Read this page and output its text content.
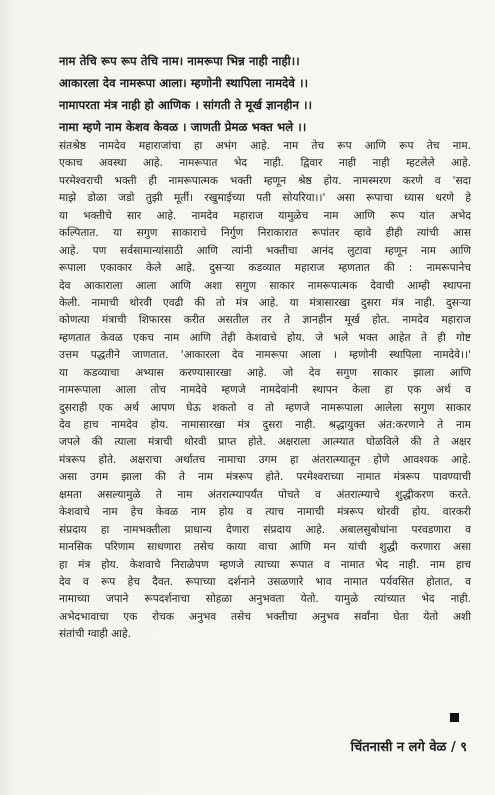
नाम तेचि रूप रूप तेचि नाम। नामरूपा भिन्न नाही नाही।।
आकारला देव नामरूपा आला। म्हणोनी स्थापिला नामदेवे ।।
नामापरता मंत्र नाही हो आणिक । सांगती ते मूर्ख ज्ञानहीन ।।
नामा म्हणे नाम केशव केवळ । जाणती प्रेमळ भक्त भले ।।
संतश्रेष्ठ नामदेव महाराजांचा हा अभंग आहे. नाम तेच रूप आणि रूप तेच नाम.
एकाच अवस्था आहे. नामरूपात भेद नाही. द्विवार नाही नाही म्हटलेले आहे.
परमेश्वराची भक्ती ही नामरूपात्मक भक्ती म्हणून श्रेष्ठ होय. नामस्मरण करणे व 'सदा
माझे डोळा जडो तुझी मूर्ती। रखुमाईच्या पती सोयरिया।।' असा रूपाचा ध्यास धरणे हे
या भक्तीचे सार आहे. नामदेव महाराज यामुळेच नाम आणि रूप यांत अभेद
कल्पितात. या सगुण साकाराचे निर्गुण निराकारात रूपांतर व्हावे हीही त्यांची आस
आहे. पण सर्वसामान्यांसाठी आणि त्यांनी भक्तीचा आनंद लुटावा म्हणून नाम आणि
रूपाला एकाकार केले आहे. दुसऱ्या कडव्यात महाराज म्हणतात की : नामरूपानेच
देव आकाराला आला आणि अशा सगुण साकार नामरूपात्मक देवाची आम्ही स्थापना
केली. नामाची थोरवी एवढी की तो मंत्र आहे. या मंत्रासारखा दुसरा मंत्र नाही. दुसऱ्या
कोणत्या मंत्राची शिफारस करीत असतील तर ते ज्ञानहीन मूर्ख होत. नामदेव महाराज
म्हणतात केवळ एकच नाम आणि तेही केशवाचे होय. जे भले भक्त आहेत ते ही गोष्ट
उत्तम पद्धतीने जाणतात. 'आकारला देव नामरूपा आला । म्हणोनी स्थापिला नामदेवे।।'
या कडव्याचा अभ्यास करण्यासारखा आहे. जो देव सगुण साकार झाला आणि
नामरूपाला आला तोच नामदेवे म्हणजे नामदेवांनी स्थापन केला हा एक अर्थ व
दुसराही एक अर्थ आपण घेऊ शकतो व तो म्हणजे नामरूपाला आलेला सगुण साकार
देव हाच नामदेव होय. नामासारखा मंत्र दुसरा नाही. श्रद्धायुक्त अंत:करणाने ते नाम
जपले की त्याला मंत्राची थोरवी प्राप्त होते. अक्षराला आत्म्यात घोळविले की ते अक्षर
मंत्ररूप होते. अक्षराचा अर्थातच नामाचा उगम हा अंतरात्म्यातून होणे आवश्यक आहे.
असा उगम झाला की ते नाम मंत्ररूप होते. परमेश्वराच्या नामात मंत्ररूप पावण्याची
क्षमता असल्यामुळे ते नाम अंतरात्म्यापर्यंत पोचते व अंतरात्म्याचे शुद्धीकरण करते.
केशवाचे नाम हेच केवळ नाम होय व त्याच नामाची मंत्ररूप थोरवी होय. वारकरी
संप्रदाय हा नामभक्तीला प्राधान्य देणारा संप्रदाय आहे. अबालसुबोधांना परवडणारा व
मानसिक परिणाम साधणारा तसेच काया वाचा आणि मन यांची शुद्धी करणारा असा
हा मंत्र होय. केशवाचे निराळेपण म्हणजे त्याच्या रूपात व नामात भेद नाही. नाम हाच
देव व रूप हेच दैवत. रूपाच्या दर्शनाने उसळणारे भाव नामात पर्यवसित होतात, व
नामाच्या जपाने रूपदर्शनाचा सोहळा अनुभवता येतो. यामुळे त्यांच्यात भेद नाही.
अभेदभावाचा एक रोचक अनुभव तसेच भक्तीचा अनुभव सर्वांना घेता येतो अशी
संतांची ग्वाही आहे.
चिंतनासी न लगे वेळ / ९
